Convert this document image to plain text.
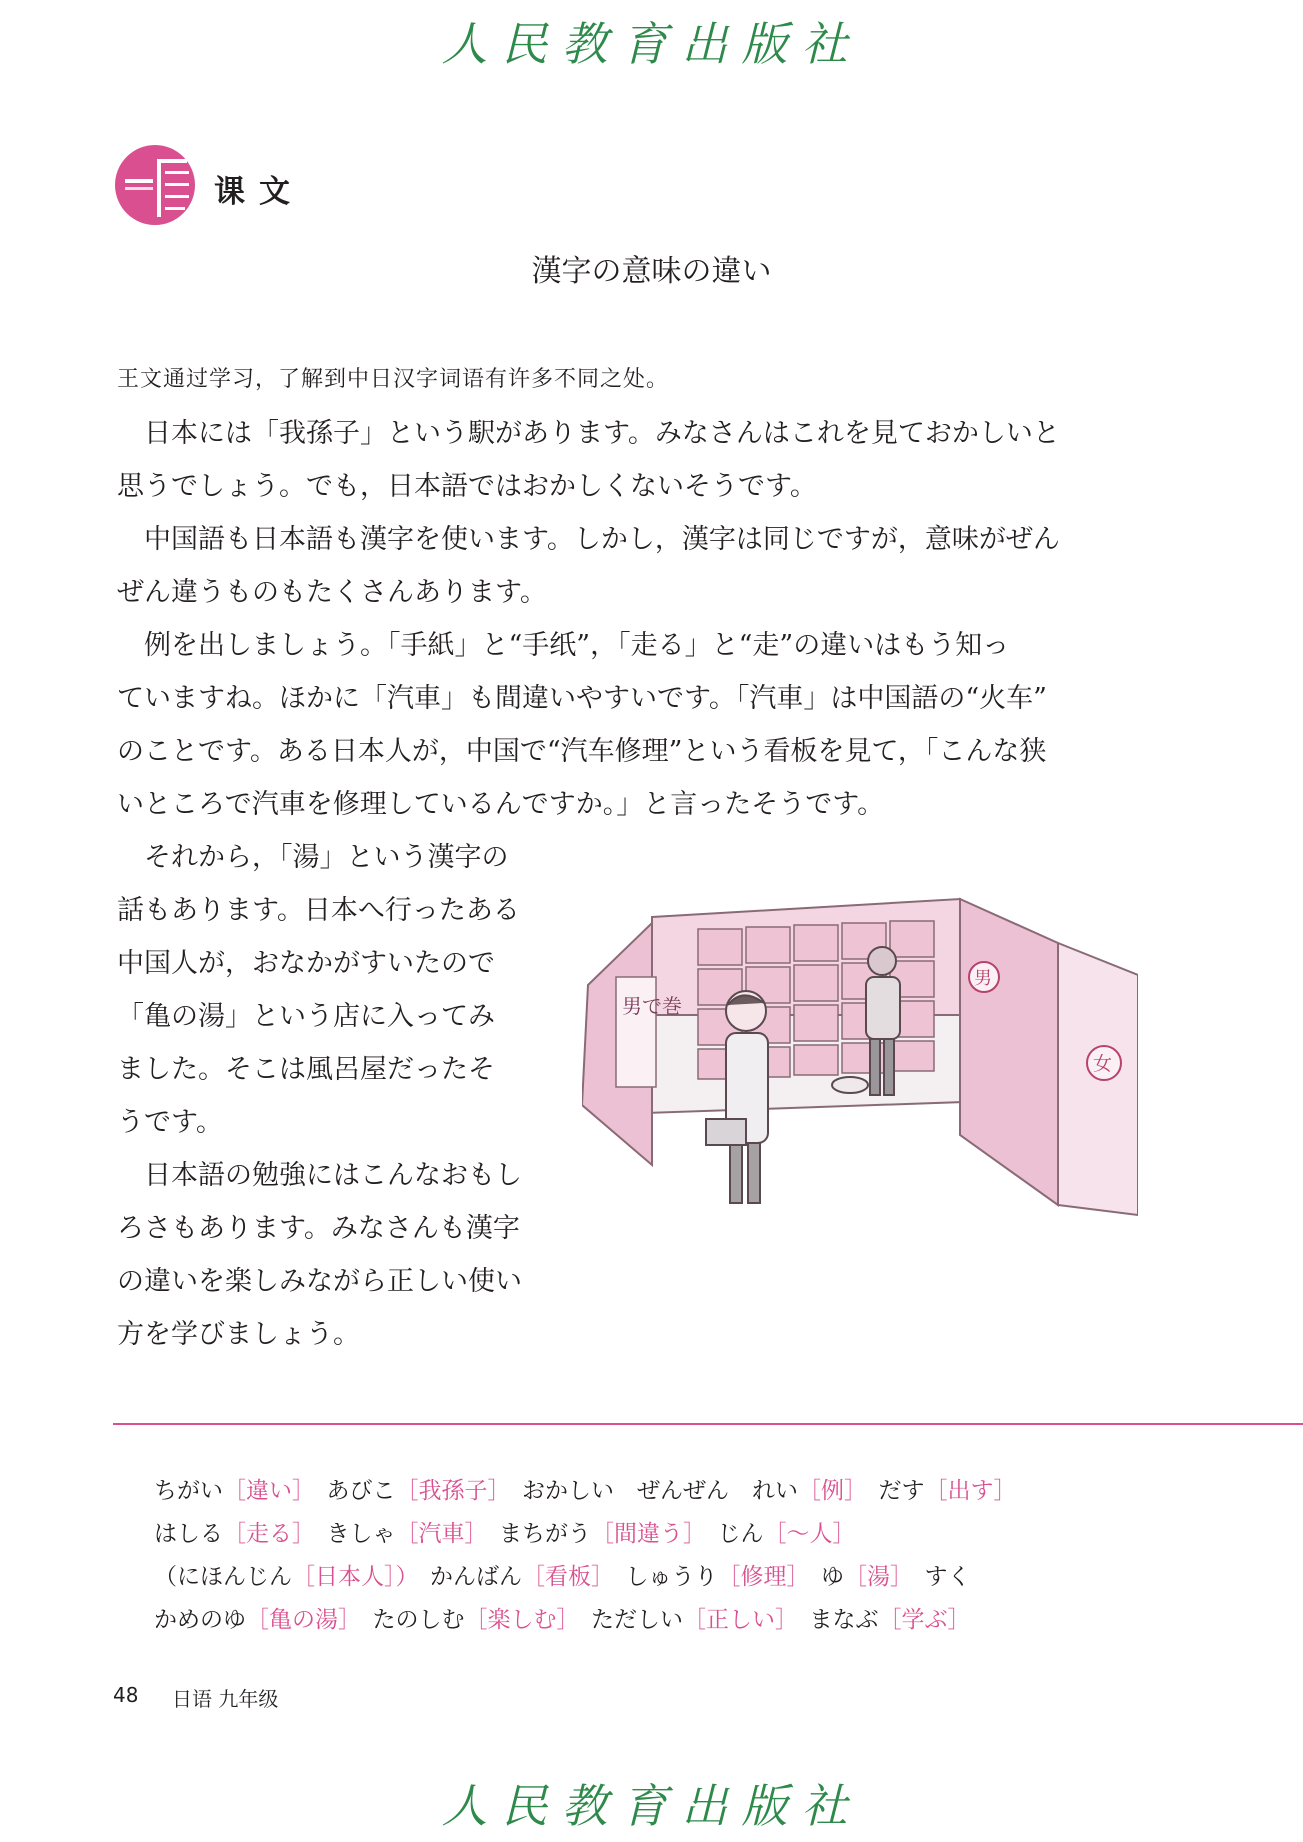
人民教育出版社
课文
漢字の意味の違い
王文通过学习，了解到中日汉字词语有许多不同之处。
　日本には「我孫子」という駅があります。みなさんはこれを見ておかしいと
思うでしょう。でも，日本語ではおかしくないそうです。
　中国語も日本語も漢字を使います。しかし，漢字は同じですが，意味がぜん
ぜん違うものもたくさんあります。
　例を出しましょう。「手紙」と“手纸”，「走る」と“走”の違いはもう知っ
ていますね。ほかに「汽車」も間違いやすいです。「汽車」は中国語の“火车”
のことです。ある日本人が，中国で“汽车修理”という看板を見て，「こんな狭
いところで汽車を修理しているんですか。」と言ったそうです。
　それから，「湯」という漢字の
話もあります。日本へ行ったある
中国人が，おなかがすいたので
「亀の湯」という店に入ってみ
ました。そこは風呂屋だったそ
うです。
　日本語の勉強にはこんなおもし
ろさもあります。みなさんも漢字
の違いを楽しみながら正しい使い
方を学びましょう。
男で巻
男
女
ちがい［違い］　 あびこ［我孫子］　 おかしい　 ぜんぜん　 れい［例］　 だす［出す］
はしる［走る］　 きしゃ［汽車］　 まちがう［間違う］　 じん［～人］
（にほんじん［日本人］）　 かんばん［看板］　 しゅうり［修理］　 ゆ［湯］　 すく
かめのゆ［亀の湯］　 たのしむ［楽しむ］　 ただしい［正しい］　 まなぶ［学ぶ］
48 日语 九年级
人民教育出版社
